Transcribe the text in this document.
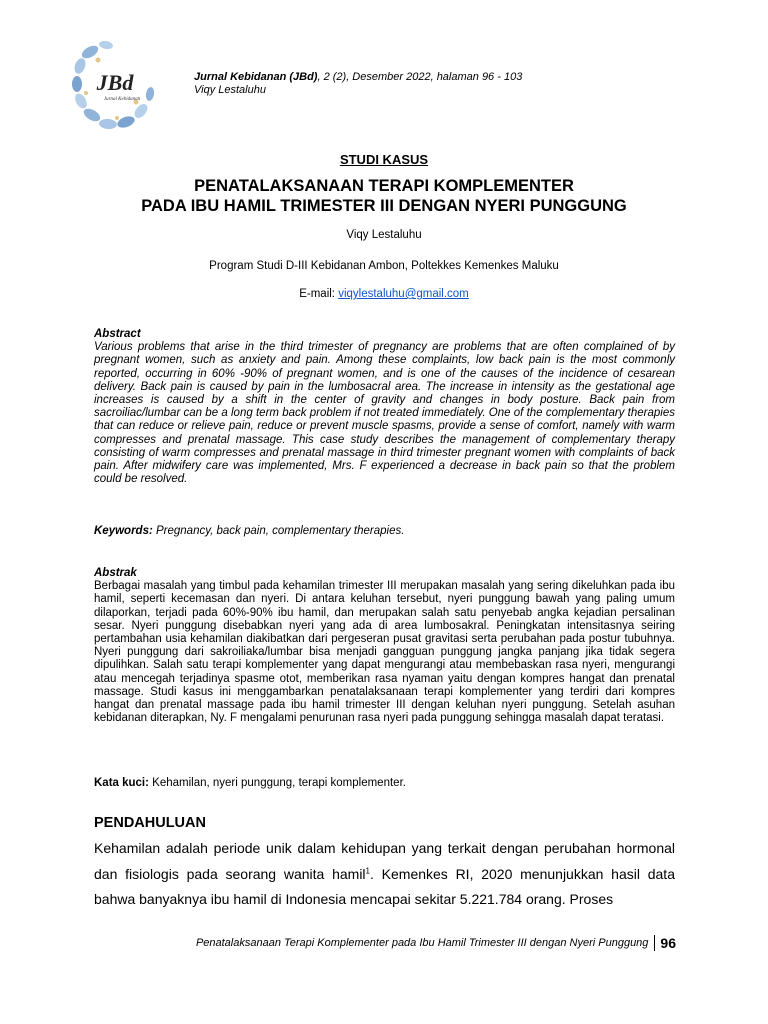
JBd
Jurnal Kebidanan
Jurnal Kebidanan (JBd), 2 (2), Desember 2022, halaman 96 - 103
Viqy Lestaluhu
STUDI KASUS
PENATALAKSANAAN TERAPI KOMPLEMENTER
PADA IBU HAMIL TRIMESTER III DENGAN NYERI PUNGGUNG
Viqy Lestaluhu
Program Studi D-III Kebidanan Ambon, Poltekkes Kemenkes Maluku
E-mail: viqylestaluhu@gmail.com
Abstract
Various problems that arise in the third trimester of pregnancy are problems that are often complained of by pregnant women, such as anxiety and pain. Among these complaints, low back pain is the most commonly reported, occurring in 60% -90% of pregnant women, and is one of the causes of the incidence of cesarean delivery. Back pain is caused by pain in the lumbosacral area. The increase in intensity as the gestational age increases is caused by a shift in the center of gravity and changes in body posture. Back pain from sacroiliac/lumbar can be a long term back problem if not treated immediately. One of the complementary therapies that can reduce or relieve pain, reduce or prevent muscle spasms, provide a sense of comfort, namely with warm compresses and prenatal massage. This case study describes the management of complementary therapy consisting of warm compresses and prenatal massage in third trimester pregnant women with complaints of back pain. After midwifery care was implemented, Mrs. F experienced a decrease in back pain so that the problem could be resolved.
Keywords: Pregnancy, back pain, complementary therapies.
Abstrak
Berbagai masalah yang timbul pada kehamilan trimester III merupakan masalah yang sering dikeluhkan pada ibu hamil, seperti kecemasan dan nyeri. Di antara keluhan tersebut, nyeri punggung bawah yang paling umum dilaporkan, terjadi pada 60%-90% ibu hamil, dan merupakan salah satu penyebab angka kejadian persalinan sesar. Nyeri punggung disebabkan nyeri yang ada di area lumbosakral. Peningkatan intensitasnya seiring pertambahan usia kehamilan diakibatkan dari pergeseran pusat gravitasi serta perubahan pada postur tubuhnya. Nyeri punggung dari sakroiliaka/lumbar bisa menjadi gangguan punggung jangka panjang jika tidak segera dipulihkan. Salah satu terapi komplementer yang dapat mengurangi atau membebaskan rasa nyeri, mengurangi atau mencegah terjadinya spasme otot, memberikan rasa nyaman yaitu dengan kompres hangat dan prenatal massage. Studi kasus ini menggambarkan penatalaksanaan terapi komplementer yang terdiri dari kompres hangat dan prenatal massage pada ibu hamil trimester III dengan keluhan nyeri punggung. Setelah asuhan kebidanan diterapkan, Ny. F mengalami penurunan rasa nyeri pada punggung sehingga masalah dapat teratasi.
Kata kuci: Kehamilan, nyeri punggung, terapi komplementer.
PENDAHULUAN
Kehamilan adalah periode unik dalam kehidupan yang terkait dengan perubahan hormonal dan fisiologis pada seorang wanita hamil$^1$. Kemenkes RI, 2020 menunjukkan hasil data bahwa banyaknya ibu hamil di Indonesia mencapai sekitar 5.221.784 orang. Proses
Penatalaksanaan Terapi Komplementer pada Ibu Hamil Trimester III dengan Nyeri Punggung 96
